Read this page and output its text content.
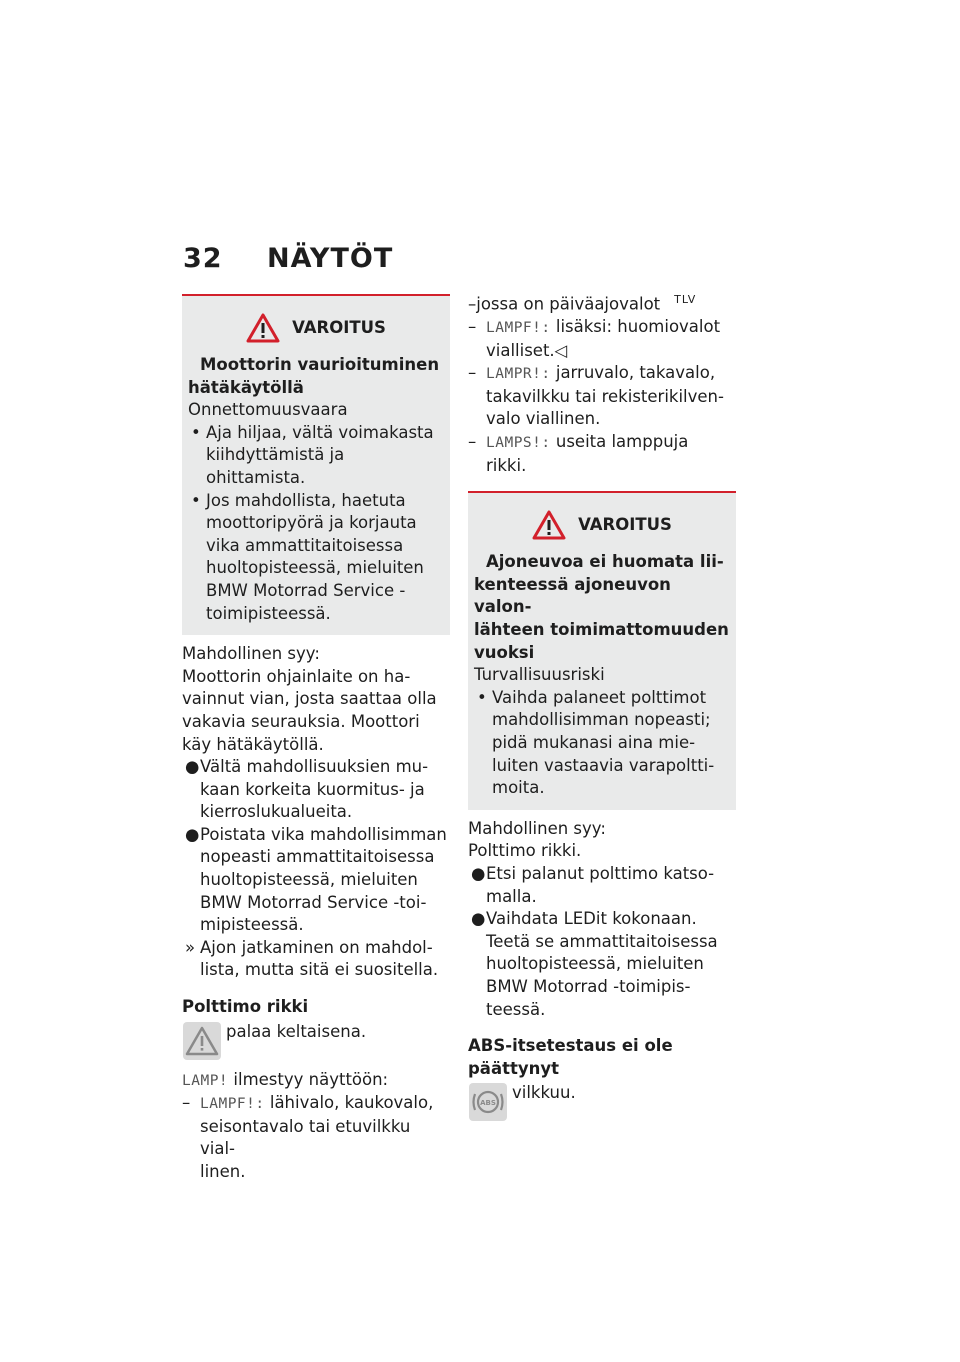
32 NÄYTÖT
VAROITUS
Moottorin vaurioituminen
hätäkäytöllä
Onnettomuusvaara
• Aja hiljaa, vältä voimakasta
kiihdyttämistä ja ohittamista.
• Jos mahdollista, haetuta
moottoripyörä ja korjauta
vika ammattitaitoisessa
huoltopisteessä, mieluiten
BMW Motorrad Service -
toimipisteessä.
Mahdollinen syy:
Moottorin ohjainlaite on ha-
vainnut vian, josta saattaa olla
vakavia seurauksia. Moottori
käy hätäkäytöllä.
● Vältä mahdollisuuksien mu-
kaan korkeita kuormitus- ja
kierroslukualueita.
● Poistata vika mahdollisimman
nopeasti ammattitaitoisessa
huoltopisteessä, mieluiten
BMW Motorrad Service -toi-
mipisteessä.
» Ajon jatkaminen on mahdol-
lista, mutta sitä ei suositella.
Polttimo rikki
palaa keltaisena.
LAMP! ilmestyy näyttöön:
– LAMPF!: lähivalo, kaukovalo,
seisontavalo tai etuvilkku vial-
linen.
–jossa on päiväajovalot $^{TLV}$
– LAMPF!: lisäksi: huomiovalot
vialliset.◁
– LAMPR!: jarruvalo, takavalo,
takavilkku tai rekisterikilven-
valo viallinen.
– LAMPS!: useita lamppuja
rikki.
VAROITUS
Ajoneuvoa ei huomata lii-
kenteessä ajoneuvon valon-
lähteen toimimattomuuden
vuoksi
Turvallisuusriski
• Vaihda palaneet polttimot
mahdollisimman nopeasti;
pidä mukanasi aina mie-
luiten vastaavia varapoltti-
moita.
Mahdollinen syy:
Polttimo rikki.
● Etsi palanut polttimo katso-
malla.
● Vaihdata LEDit kokonaan.
Teetä se ammattitaitoisessa
huoltopisteessä, mieluiten
BMW Motorrad -toimipis-
teessä.
ABS-itsetestaus ei ole
päättynyt
ABS
vilkkuu.
